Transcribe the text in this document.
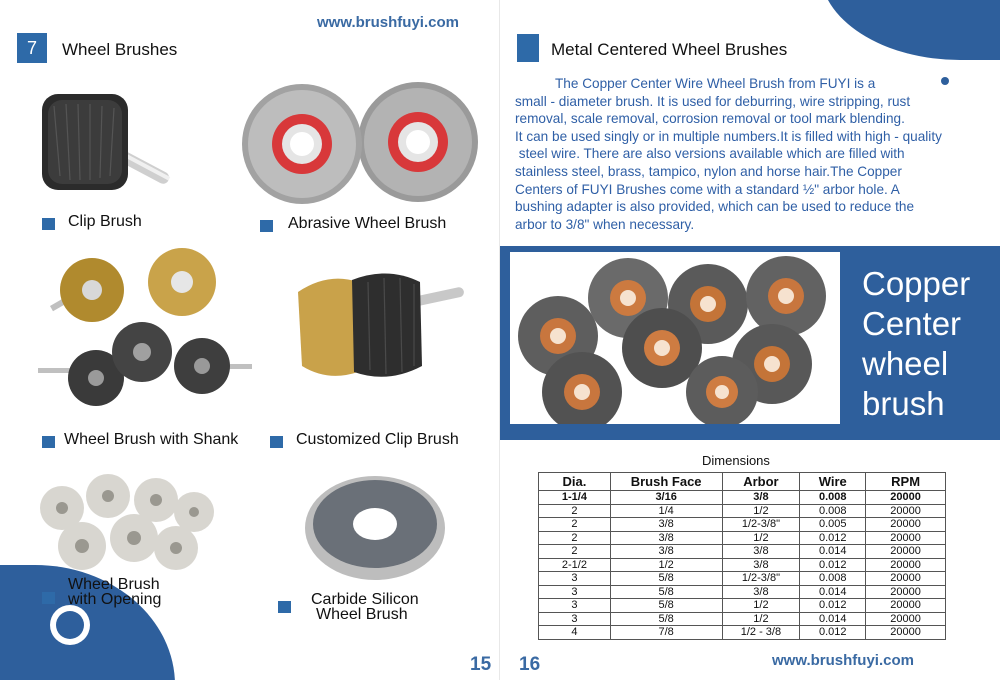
www.brushfuyi.com
7 Wheel Brushes
Clip Brush	Abrasive Wheel Brush
Wheel Brush with Shank	Customized Clip Brush
Wheel Brush
with Opening	Carbide Silicon
Wheel Brush
15
Metal Centered Wheel Brushes
The Copper Center Wire Wheel Brush from FUYI is a
small - diameter brush. It is used for deburring, wire stripping, rust
removal, scale removal, corrosion removal or tool mark blending.
It can be used singly or in multiple numbers.It is filled with high - quality
steel wire. There are also versions available which are filled with
stainless steel, brass, tampico, nylon and horse hair.The Copper
Centers of FUYI Brushes come with a standard ½" arbor hole. A
bushing adapter is also provided, which can be used to reduce the
arbor to 3/8" when necessary.
Copper
Center
wheel
brush
Dimensions
Dia.	Brush Face	Arbor	Wire	RPM
1-1/4	3/16	3/8	0.008	20000
2	1/4	1/2	0.008	20000
2	3/8	1/2-3/8"	0.005	20000
2	3/8	1/2	0.012	20000
2	3/8	3/8	0.014	20000
2-1/2	1/2	3/8	0.012	20000
3	5/8	1/2-3/8"	0.008	20000
3	5/8	3/8	0.014	20000
3	5/8	1/2	0.012	20000
3	5/8	1/2	0.014	20000
4	7/8	1/2 - 3/8	0.012	20000
16	www.brushfuyi.com
